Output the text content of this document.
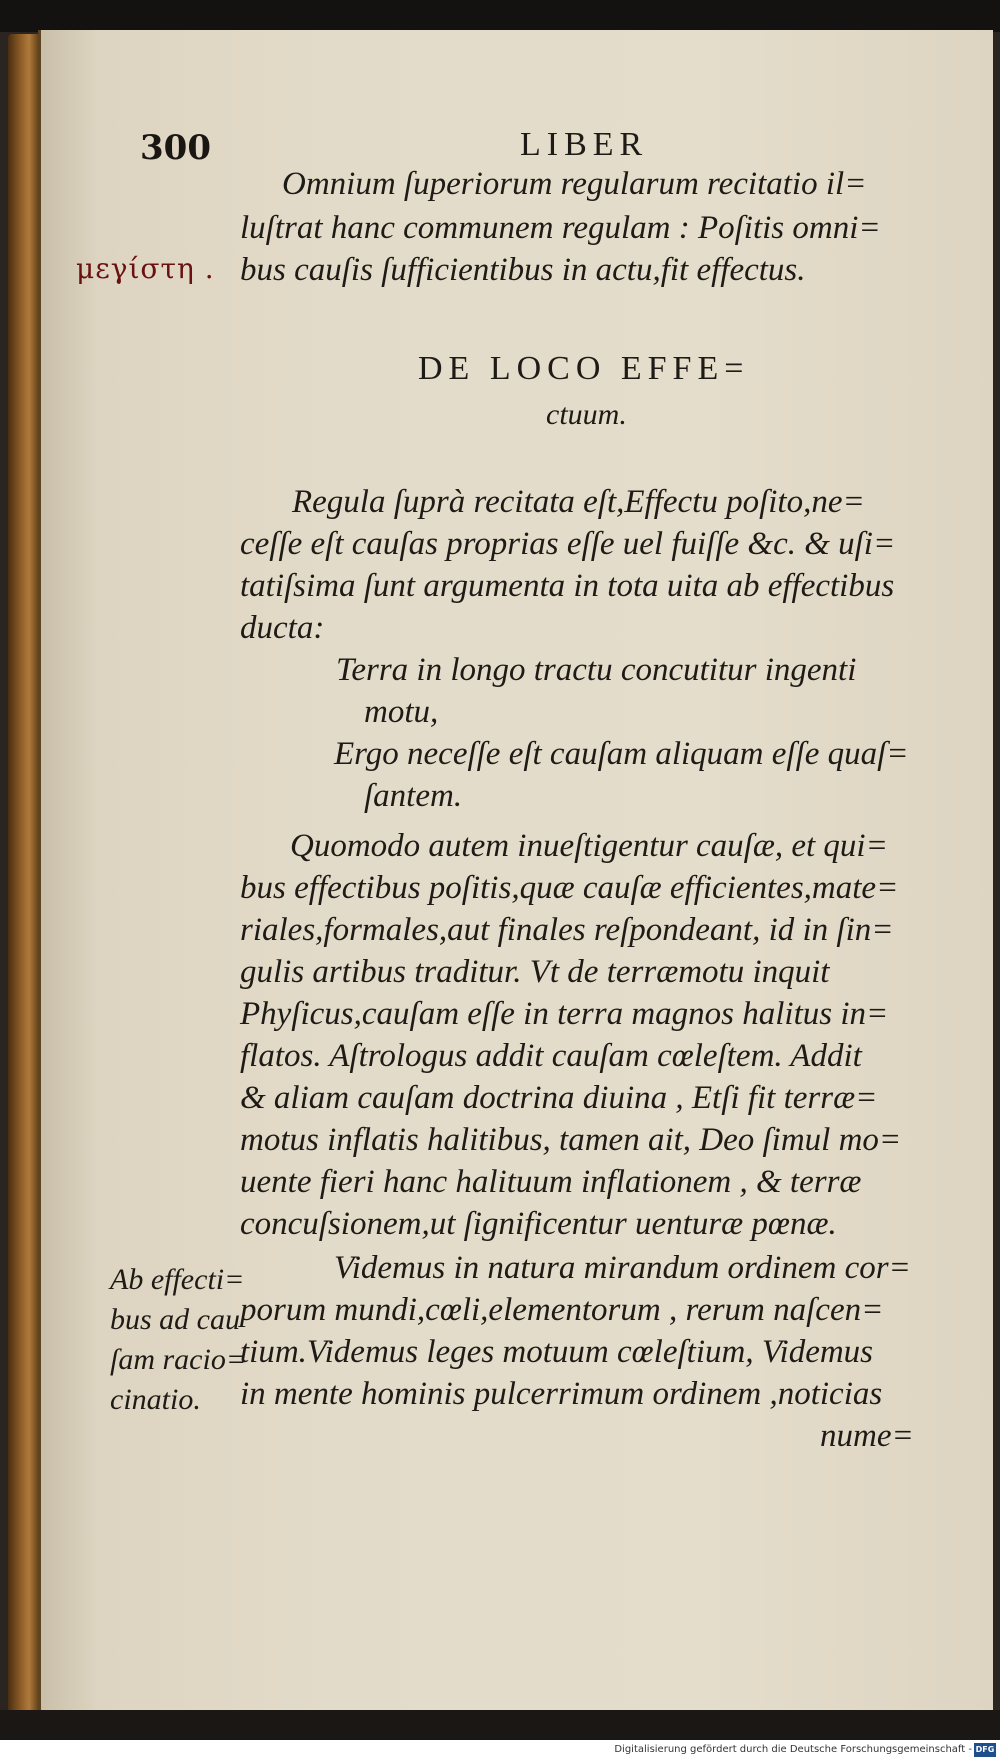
300	LIBER
μεγίστη .
Omnium ſuperiorum regularum recitatio il=
luſtrat hanc communem regulam : Poſitis omni=
bus cauſis ſufficientibus in actu,fit effectus.
DE LOCO EFFE=
ctuum.
Regula ſuprà recitata eſt,Effectu poſito,ne=
ceſſe eſt cauſas proprias eſſe uel fuiſſe &c. & uſi=
tatiſsima ſunt argumenta in tota uita ab effectibus
ducta:
Terra in longo tractu concutitur ingenti
motu,
Ergo neceſſe eſt cauſam aliquam eſſe quaſ=
ſantem.
Quomodo autem inueſtigentur cauſæ, et qui=
bus effectibus poſitis,quæ cauſæ efficientes,mate=
riales,formales,aut finales reſpondeant, id in ſin=
gulis artibus traditur. Vt de terræmotu inquit
Phyſicus,cauſam eſſe in terra magnos halitus in=
flatos. Aſtrologus addit cauſam cœleſtem. Addit
& aliam cauſam doctrina diuina , Etſi fit terræ=
motus inflatis halitibus, tamen ait, Deo ſimul mo=
uente fieri hanc halituum inflationem , & terræ
concuſsionem,ut ſignificentur uenturæ pœnæ.
Videmus in natura mirandum ordinem cor=
porum mundi,cœli,elementorum , rerum naſcen=
tium.Videmus leges motuum cœleſtium, Videmus
in mente hominis pulcerrimum ordinem ,noticias
nume=
Ab effecti=
bus ad cau
ſam racio=
cinatio.
Digitalisierung gefördert durch die Deutsche Forschungsgemeinschaft - DFG
